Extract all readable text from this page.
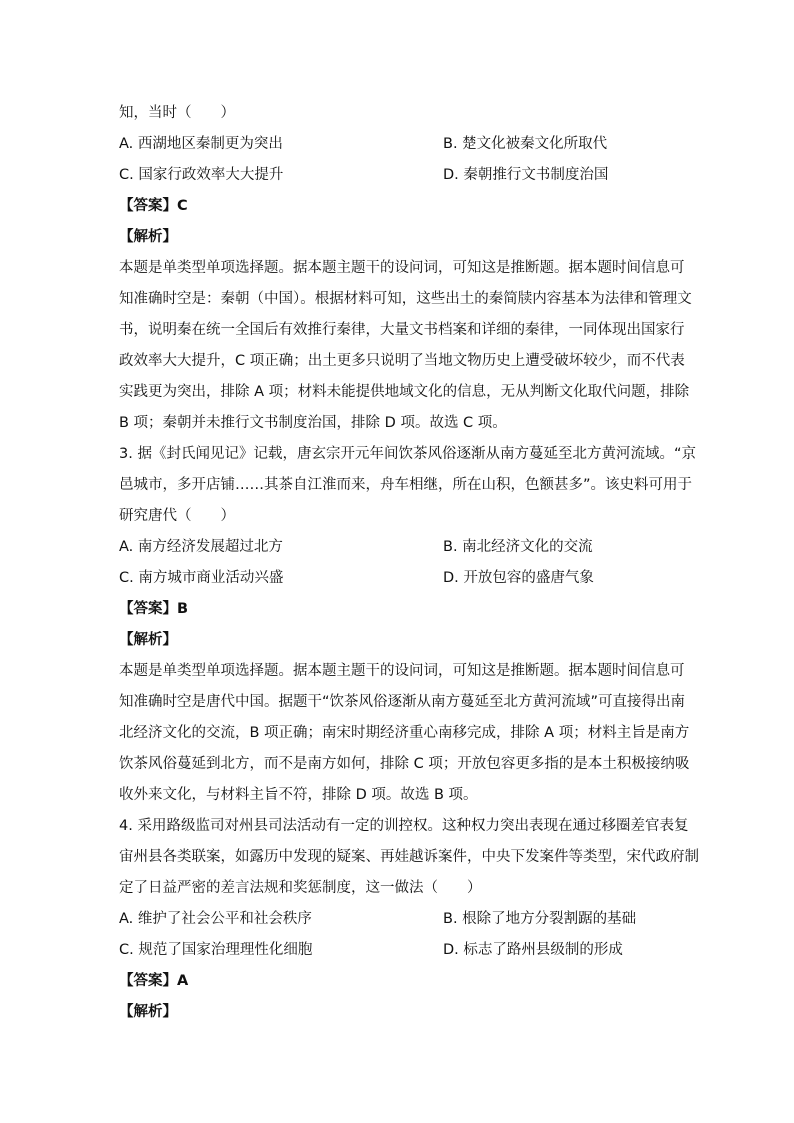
知，当时（　　）
A. 西湖地区秦制更为突出	B. 楚文化被秦文化所取代
C. 国家行政效率大大提升	D. 秦朝推行文书制度治国
【答案】C
【解析】
本题是单类型单项选择题。据本题主题干的设问词，可知这是推断题。据本题时间信息可
知准确时空是：秦朝（中国）。根据材料可知，这些出土的秦简牍内容基本为法律和管理文
书，说明秦在统一全国后有效推行秦律，大量文书档案和详细的秦律，一同体现出国家行
政效率大大提升，C 项正确；出土更多只说明了当地文物历史上遭受破坏较少，而不代表
实践更为突出，排除 A 项；材料未能提供地域文化的信息，无从判断文化取代问题，排除
B 项；秦朝并未推行文书制度治国，排除 D 项。故选 C 项。
3. 据《封氏闻见记》记载，唐玄宗开元年间饮茶风俗逐渐从南方蔓延至北方黄河流域。“京
邑城市，多开店铺……其茶自江淮而来，舟车相继，所在山积，色额甚多”。该史料可用于
研究唐代（　　）
A. 南方经济发展超过北方	B. 南北经济文化的交流
C. 南方城市商业活动兴盛	D. 开放包容的盛唐气象
【答案】B
【解析】
本题是单类型单项选择题。据本题主题干的设问词，可知这是推断题。据本题时间信息可
知准确时空是唐代中国。据题干“饮茶风俗逐渐从南方蔓延至北方黄河流域”可直接得出南
北经济文化的交流，B 项正确；南宋时期经济重心南移完成，排除 A 项；材料主旨是南方
饮茶风俗蔓延到北方，而不是南方如何，排除 C 项；开放包容更多指的是本土积极接纳吸
收外来文化，与材料主旨不符，排除 D 项。故选 B 项。
4. 采用路级监司对州县司法活动有一定的训控权。这种权力突出表现在通过移圈差官表复
宙州县各类联案，如露历中发现的疑案、再娃越诉案件，中央下发案件等类型，宋代政府制
定了日益严密的差言法规和奖惩制度，这一做法（　　）
A. 维护了社会公平和社会秩序	B. 根除了地方分裂割踞的基础
C. 规范了国家治理理性化细胞	D. 标志了路州县级制的形成
【答案】A
【解析】
